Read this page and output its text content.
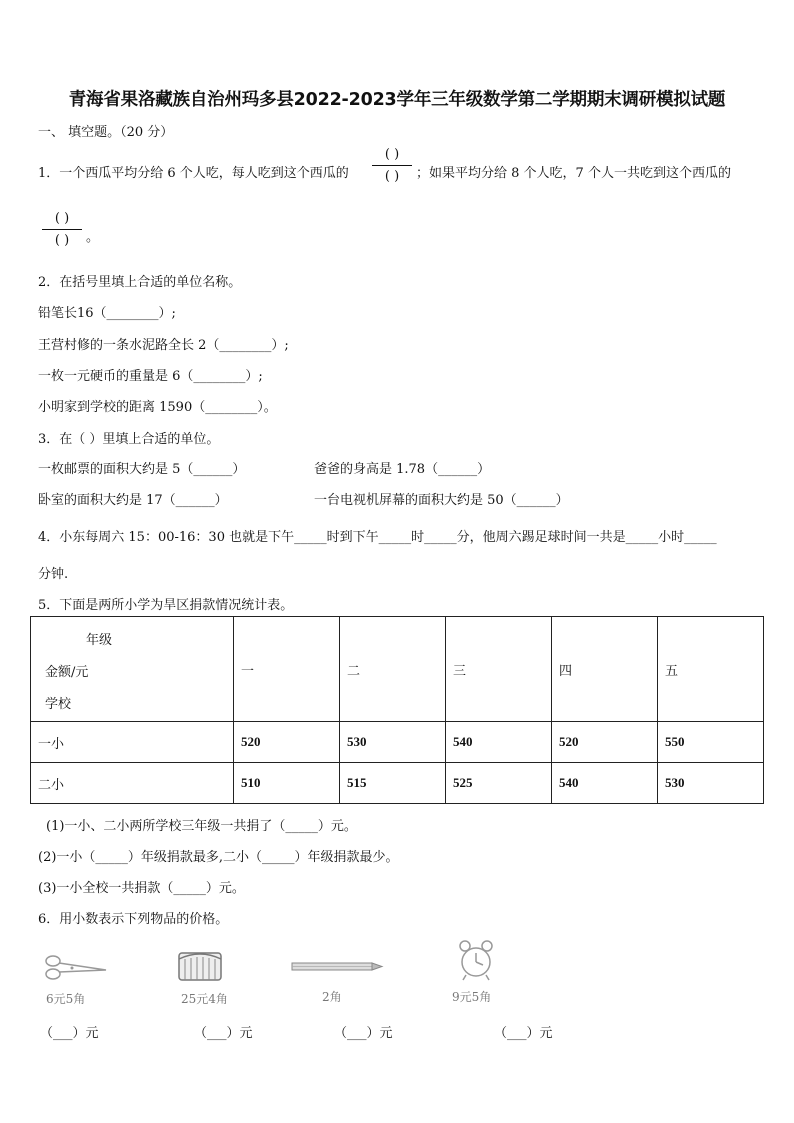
青海省果洛藏族自治州玛多县2022-2023学年三年级数学第二学期期末调研模拟试题
一、 填空题。（20 分）
1．一个西瓜平均分给 6 个人吃，每人吃到这个西瓜的
( )
( )	；如果平均分给 8 个人吃，7 个人一共吃到这个西瓜的
( )
( )	。
2．在括号里填上合适的单位名称。
铅笔长16（________）;
王营村修的一条水泥路全长 2（________）;
一枚一元硬币的重量是 6（________）;
小明家到学校的距离 1590（________）。
3．在（ ）里填上合适的单位。
一枚邮票的面积大约是 5（______）	爸爸的身高是 1.78（______）
卧室的面积大约是 17（______）	一台电视机屏幕的面积大约是 50（______）
4．小东每周六 15：00-16：30 也就是下午_____时到下午_____时_____分，他周六踢足球时间一共是_____小时_____
分钟.
5．下面是两所小学为旱区捐款情况统计表。
年级
金额/元
学校	一	二	三	四	五
一小	520	530	540	520	550
二小	510	515	525	540	530
(1)一小、二小两所学校三年级一共捐了（_____）元。
(2)一小（_____）年级捐款最多,二小（_____）年级捐款最少。
(3)一小全校一共捐款（_____）元。
6．用小数表示下列物品的价格。
6元5角	25元4角	2角	9元5角
（___）元	（___）元	（___）元	（___）元
